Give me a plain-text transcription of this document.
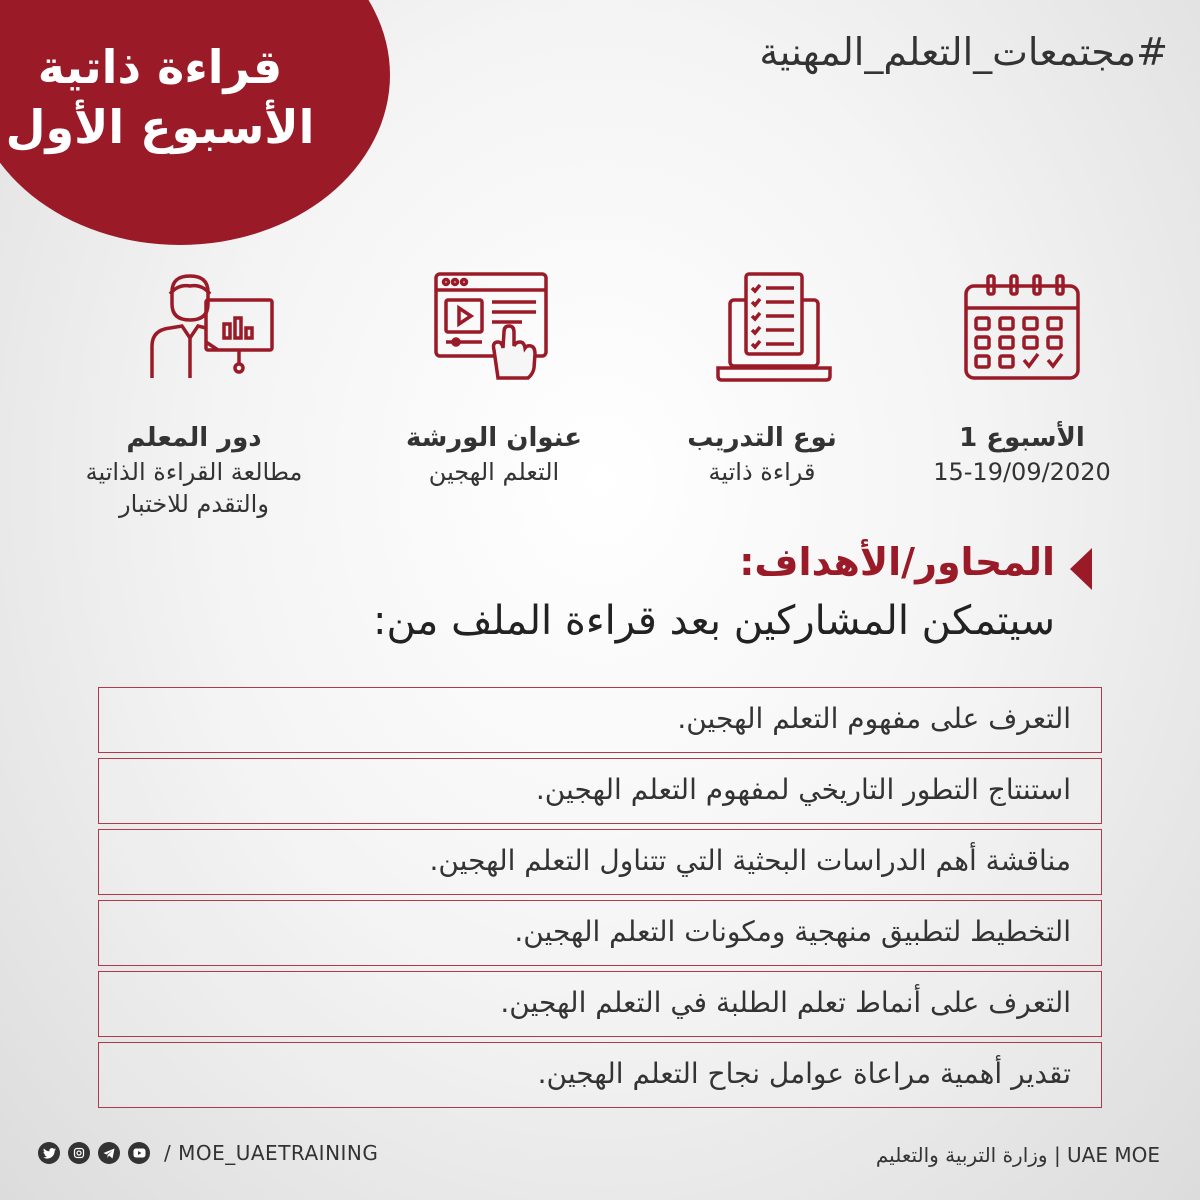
قراءة ذاتية
الأسبوع الأول
#مجتمعات_التعلم_المهنية
الأسبوع 1
15-19/09/2020
نوع التدريب
قراءة ذاتية
عنوان الورشة
التعلم الهجين
دور المعلم
مطالعة القراءة الذاتية
والتقدم للاختبار
المحاور/الأهداف:
سيتمكن المشاركين بعد قراءة الملف من:
التعرف على مفهوم التعلم الهجين.
استنتاج التطور التاريخي لمفهوم التعلم الهجين.
مناقشة أهم الدراسات البحثية التي تتناول التعلم الهجين.
التخطيط لتطبيق منهجية ومكونات التعلم الهجين.
التعرف على أنماط تعلم الطلبة في التعلم الهجين.
تقدير أهمية مراعاة عوامل نجاح التعلم الهجين.
/ MOE_UAETRAINING	وزارة التربية والتعليم | UAE MOE
